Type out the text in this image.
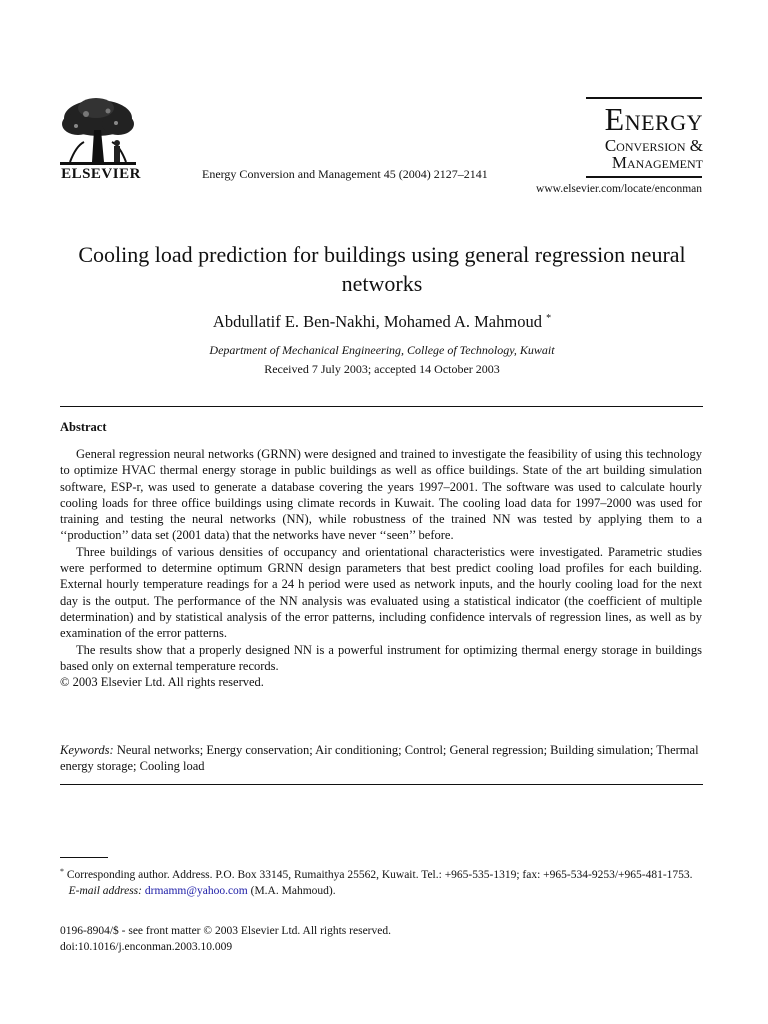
ELSEVIER	Energy Conversion and Management 45 (2004) 2127–2141
Energy
Conversion &
Management
www.elsevier.com/locate/enconman
Cooling load prediction for buildings using general regression neural networks
Abdullatif E. Ben-Nakhi, Mohamed A. Mahmoud *
Department of Mechanical Engineering, College of Technology, Kuwait
Received 7 July 2003; accepted 14 October 2003
Abstract

General regression neural networks (GRNN) were designed and trained to investigate the feasibility of using this technology to optimize HVAC thermal energy storage in public buildings as well as office buildings. State of the art building simulation software, ESP-r, was used to generate a database covering the years 1997–2001. The software was used to calculate hourly cooling loads for three office buildings using climate records in Kuwait. The cooling load data for 1997–2000 was used for training and testing the neural networks (NN), while robustness of the trained NN was tested by applying them to a ‘‘production’’ data set (2001 data) that the networks have never ‘‘seen’’ before.

Three buildings of various densities of occupancy and orientational characteristics were investigated. Parametric studies were performed to determine optimum GRNN design parameters that best predict cooling load profiles for each building. External hourly temperature readings for a 24 h period were used as network inputs, and the hourly cooling load for the next day is the output. The performance of the NN analysis was evaluated using a statistical indicator (the coefficient of multiple determination) and by statistical analysis of the error patterns, including confidence intervals of regression lines, as well as by examination of the error patterns.

The results show that a properly designed NN is a powerful instrument for optimizing thermal energy storage in buildings based only on external temperature records.

© 2003 Elsevier Ltd. All rights reserved.

Keywords: Neural networks; Energy conservation; Air conditioning; Control; General regression; Building simulation; Thermal energy storage; Cooling load

* Corresponding author. Address. P.O. Box 33145, Rumaithya 25562, Kuwait. Tel.: +965-535-1319; fax: +965-534-9253/+965-481-1753.

E-mail address: drmamm@yahoo.com (M.A. Mahmoud).

0196-8904/$ - see front matter © 2003 Elsevier Ltd. All rights reserved.

doi:10.1016/j.enconman.2003.10.009
